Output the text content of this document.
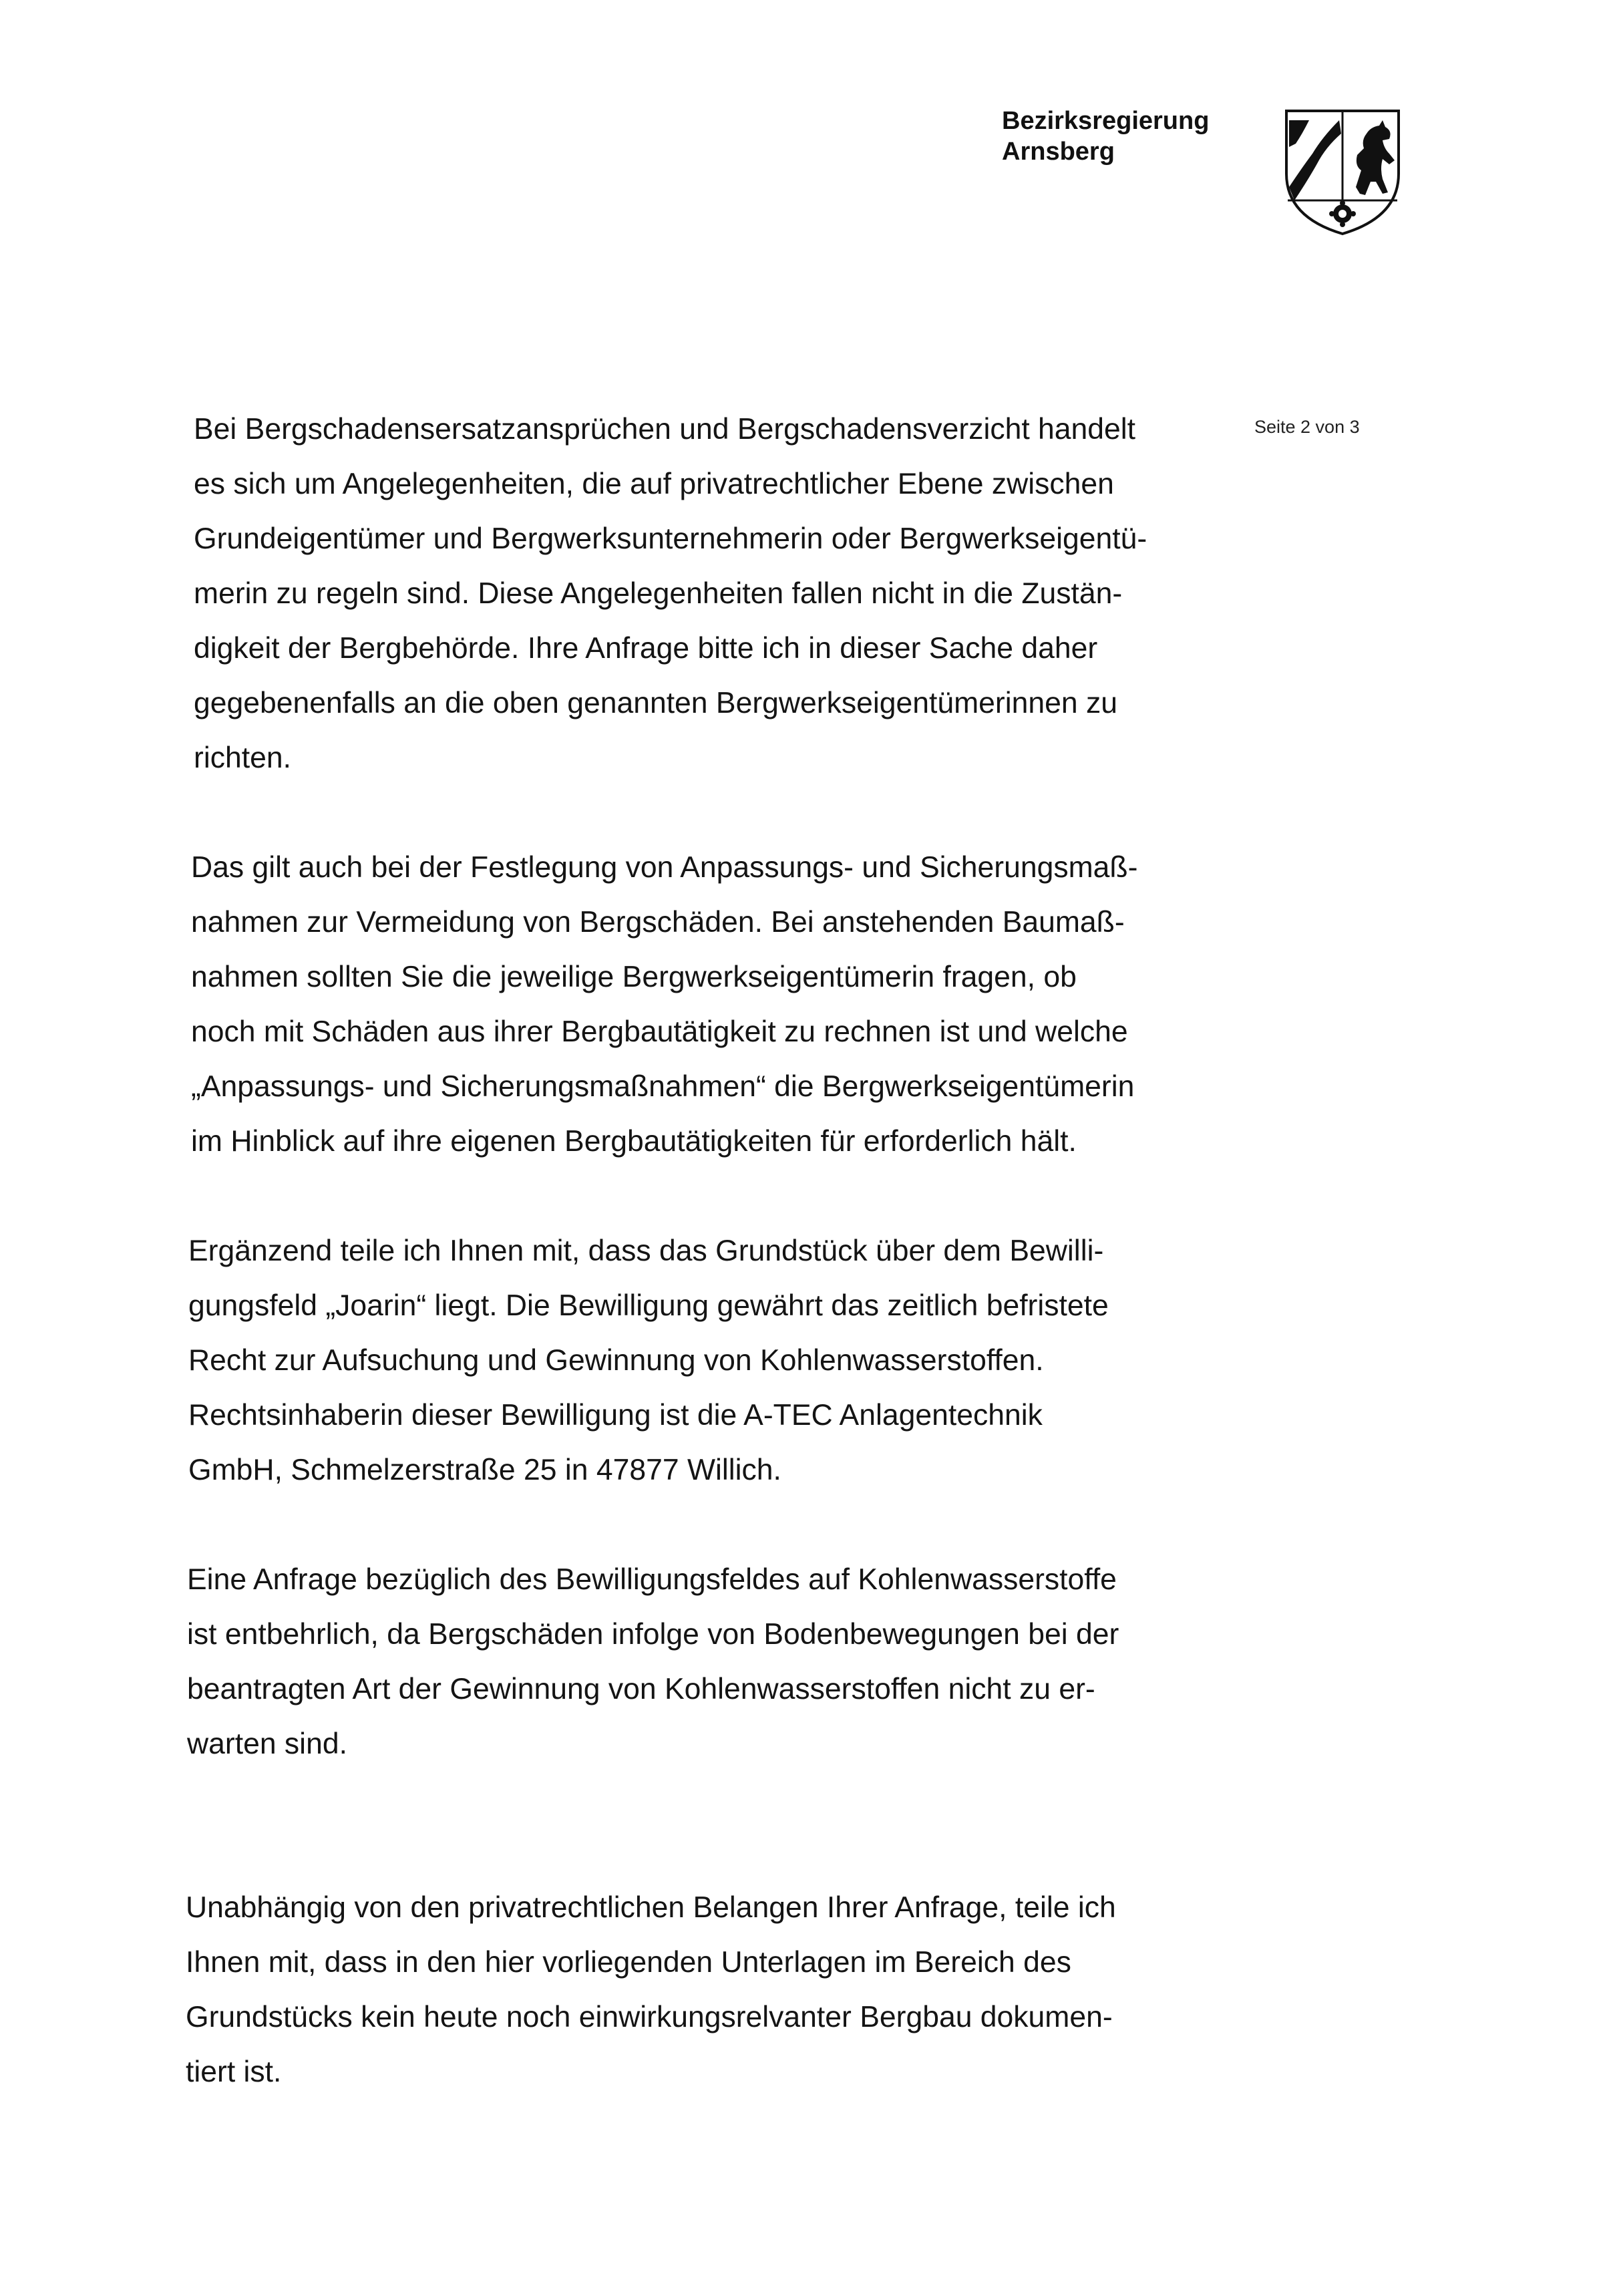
Bezirksregierung
Arnsberg
Seite 2 von 3

Bei Bergschadensersatzansprüchen und Bergschadensverzicht handelt

es sich um Angelegenheiten, die auf privatrechtlicher Ebene zwischen

Grundeigentümer und Bergwerksunternehmerin oder Bergwerkseigentü-

merin zu regeln sind. Diese Angelegenheiten fallen nicht in die Zustän-

digkeit der Bergbehörde. Ihre Anfrage bitte ich in dieser Sache daher

gegebenenfalls an die oben genannten Bergwerkseigentümerinnen zu

richten.

Das gilt auch bei der Festlegung von Anpassungs- und Sicherungsmaß-

nahmen zur Vermeidung von Bergschäden. Bei anstehenden Baumaß-

nahmen sollten Sie die jeweilige Bergwerkseigentümerin fragen, ob

noch mit Schäden aus ihrer Bergbautätigkeit zu rechnen ist und welche

„Anpassungs- und Sicherungsmaßnahmen“ die Bergwerkseigentümerin

im Hinblick auf ihre eigenen Bergbautätigkeiten für erforderlich hält.

Ergänzend teile ich Ihnen mit, dass das Grundstück über dem Bewilli-

gungsfeld „Joarin“ liegt. Die Bewilligung gewährt das zeitlich befristete

Recht zur Aufsuchung und Gewinnung von Kohlenwasserstoffen.

Rechtsinhaberin dieser Bewilligung ist die A-TEC Anlagentechnik

GmbH, Schmelzerstraße 25 in 47877 Willich.

Eine Anfrage bezüglich des Bewilligungsfeldes auf Kohlenwasserstoffe

ist entbehrlich, da Bergschäden infolge von Bodenbewegungen bei der

beantragten Art der Gewinnung von Kohlenwasserstoffen nicht zu er-

warten sind.

Unabhängig von den privatrechtlichen Belangen Ihrer Anfrage, teile ich

Ihnen mit, dass in den hier vorliegenden Unterlagen im Bereich des

Grundstücks kein heute noch einwirkungsrelvanter Bergbau dokumen-

tiert ist.
